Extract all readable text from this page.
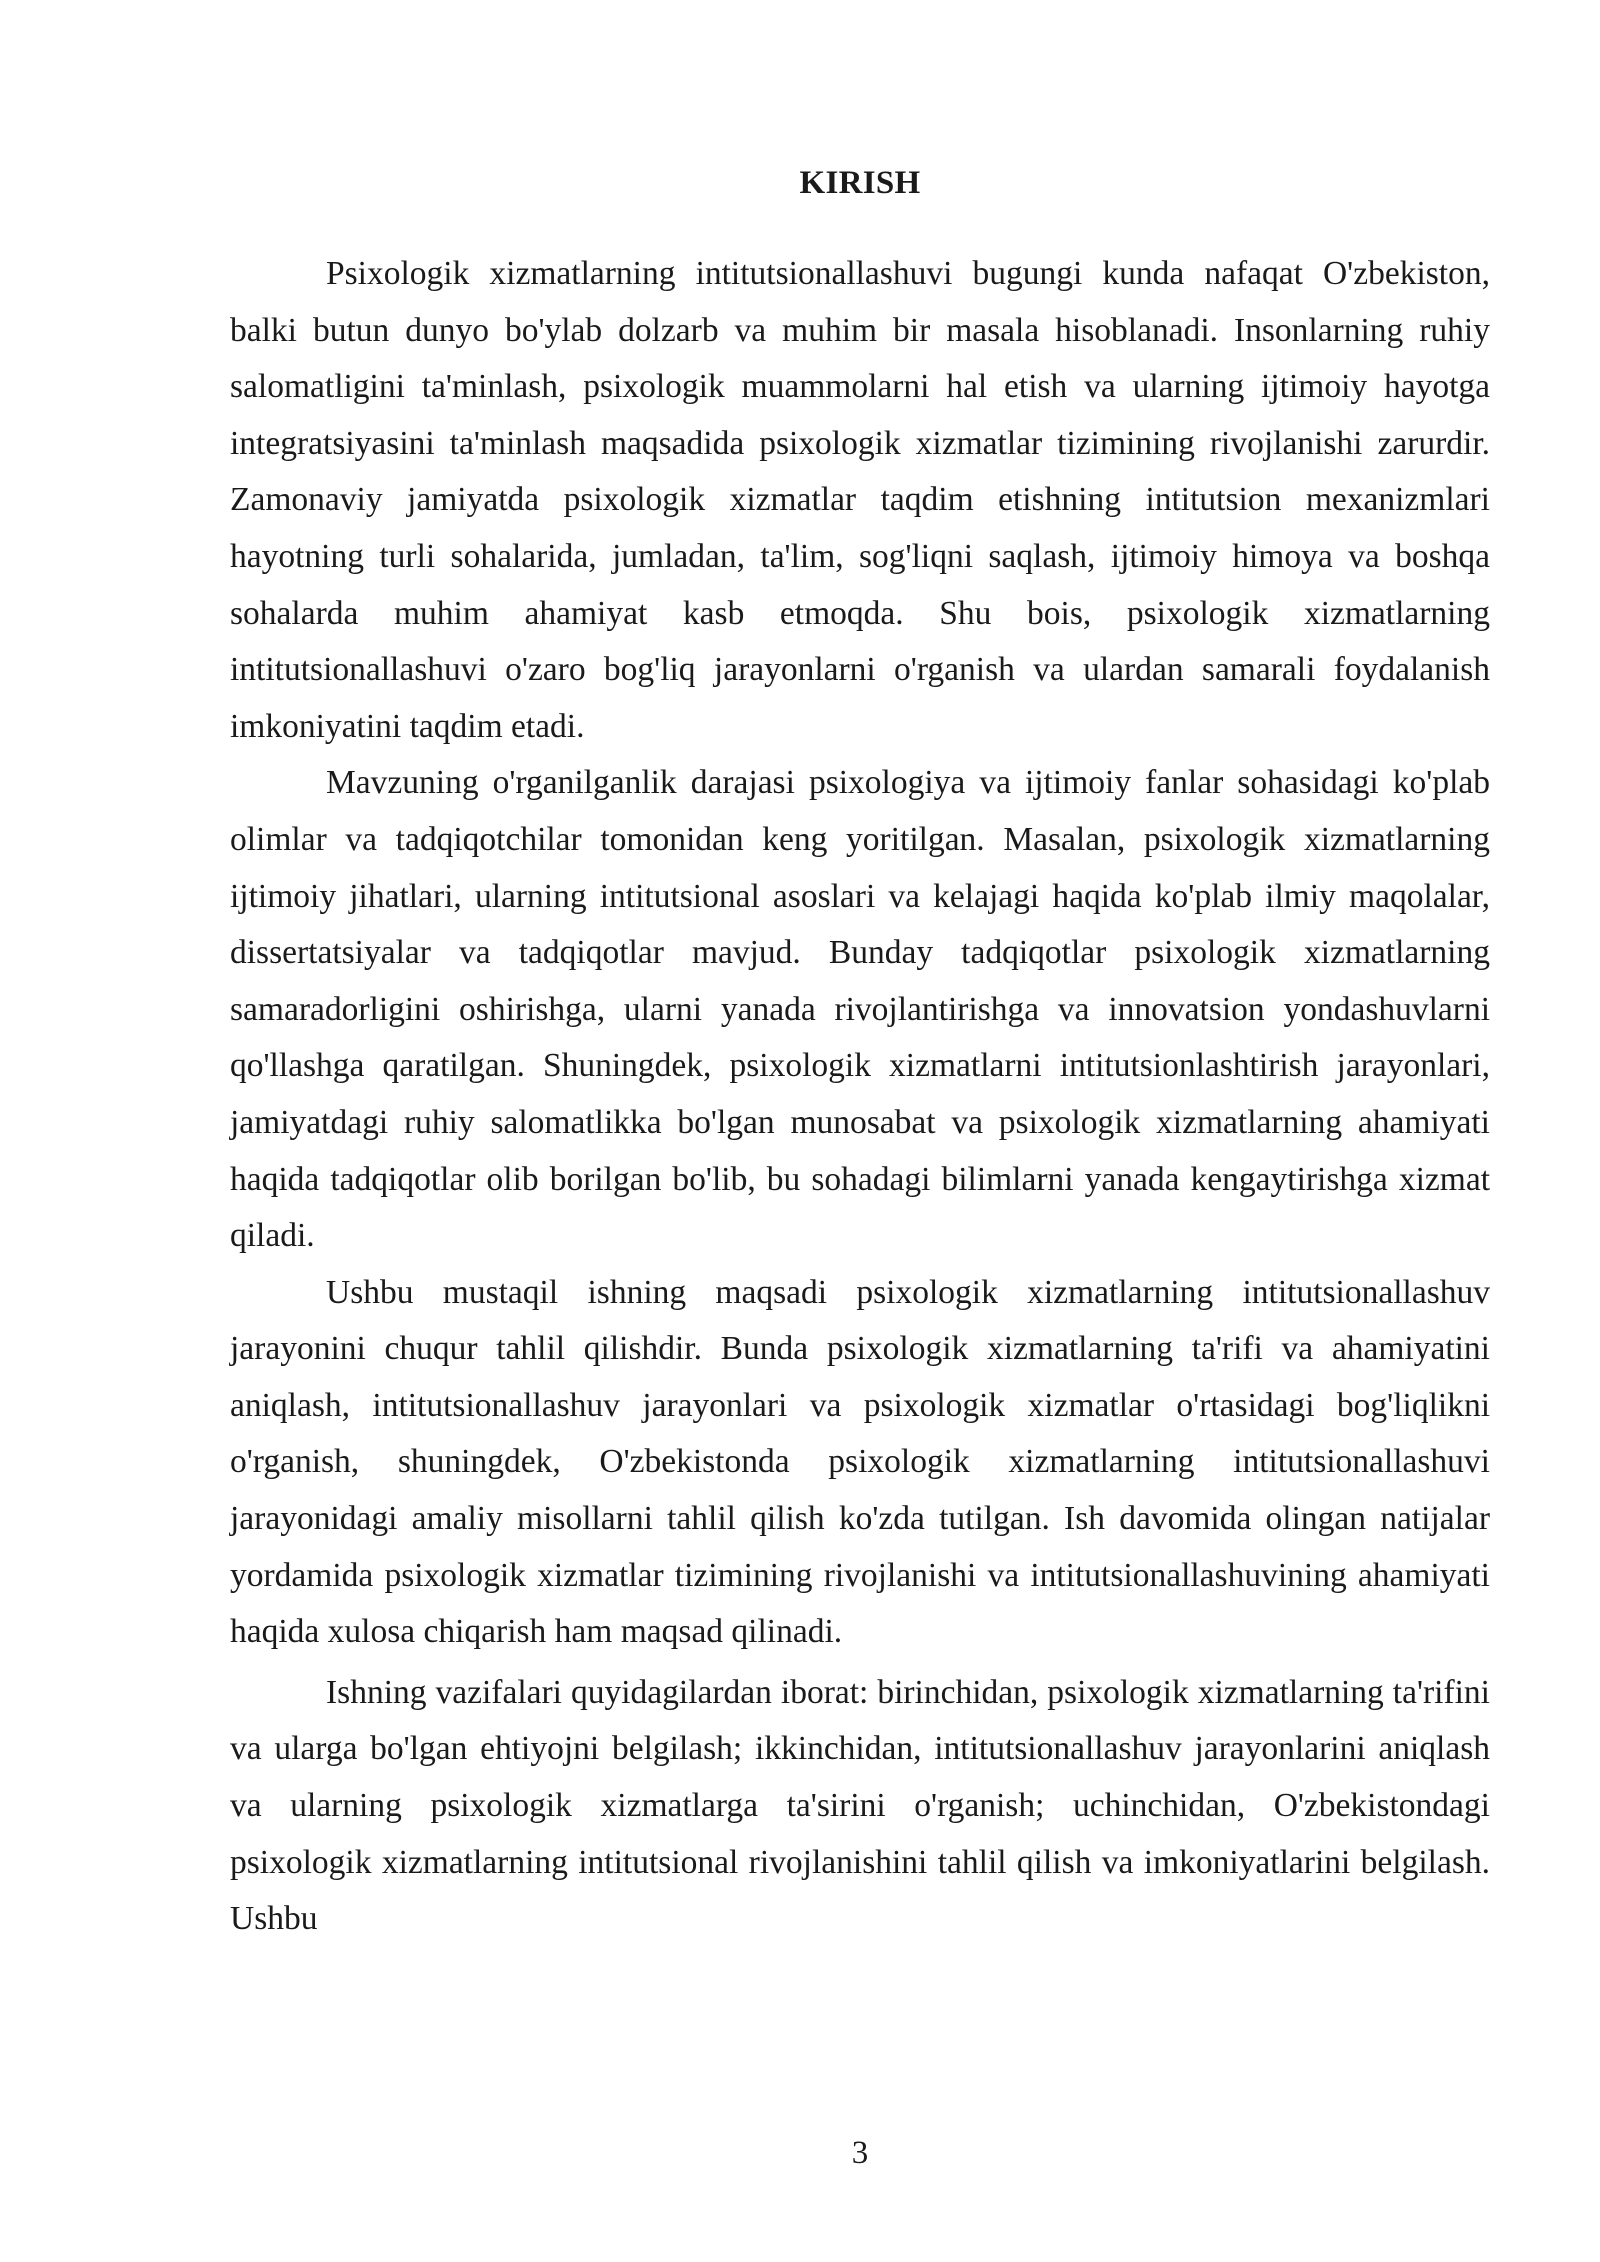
KIRISH

Psixologik xizmatlarning intitutsionallashuvi bugungi kunda nafaqat O'zbekiston, balki butun dunyo bo'ylab dolzarb va muhim bir masala hisoblanadi. Insonlarning ruhiy salomatligini ta'minlash, psixologik muammolarni hal etish va ularning ijtimoiy hayotga integratsiyasini ta'minlash maqsadida psixologik xizmatlar tizimining rivojlanishi zarurdir. Zamonaviy jamiyatda psixologik xizmatlar taqdim etishning intitutsion mexanizmlari hayotning turli sohalarida, jumladan, ta'lim, sog'liqni saqlash, ijtimoiy himoya va boshqa sohalarda muhim ahamiyat kasb etmoqda. Shu bois, psixologik xizmatlarning intitutsionallashuvi o'zaro bog'liq jarayonlarni o'rganish va ulardan samarali foydalanish imkoniyatini taqdim etadi.

Mavzuning o'rganilganlik darajasi psixologiya va ijtimoiy fanlar sohasidagi ko'plab olimlar va tadqiqotchilar tomonidan keng yoritilgan. Masalan, psixologik xizmatlarning ijtimoiy jihatlari, ularning intitutsional asoslari va kelajagi haqida ko'plab ilmiy maqolalar, dissertatsiyalar va tadqiqotlar mavjud. Bunday tadqiqotlar psixologik xizmatlarning samaradorligini oshirishga, ularni yanada rivojlantirishga va innovatsion yondashuvlarni qo'llashga qaratilgan. Shuningdek, psixologik xizmatlarni intitutsionlashtirish jarayonlari, jamiyatdagi ruhiy salomatlikka bo'lgan munosabat va psixologik xizmatlarning ahamiyati haqida tadqiqotlar olib borilgan bo'lib, bu sohadagi bilimlarni yanada kengaytirishga xizmat qiladi.

Ushbu mustaqil ishning maqsadi psixologik xizmatlarning intitutsionallashuv jarayonini chuqur tahlil qilishdir. Bunda psixologik xizmatlarning ta'rifi va ahamiyatini aniqlash, intitutsionallashuv jarayonlari va psixologik xizmatlar o'rtasidagi bog'liqlikni o'rganish, shuningdek, O'zbekistonda psixologik xizmatlarning intitutsionallashuvi jarayonidagi amaliy misollarni tahlil qilish ko'zda tutilgan. Ish davomida olingan natijalar yordamida psixologik xizmatlar tizimining rivojlanishi va intitutsionallashuvining ahamiyati haqida xulosa chiqarish ham maqsad qilinadi.

Ishning vazifalari quyidagilardan iborat: birinchidan, psixologik xizmatlarning ta'rifini va ularga bo'lgan ehtiyojni belgilash; ikkinchidan, intitutsionallashuv jarayonlarini aniqlash va ularning psixologik xizmatlarga ta'sirini o'rganish; uchinchidan, O'zbekistondagi psixologik xizmatlarning intitutsional rivojlanishini tahlil qilish va imkoniyatlarini belgilash. Ushbu

3
